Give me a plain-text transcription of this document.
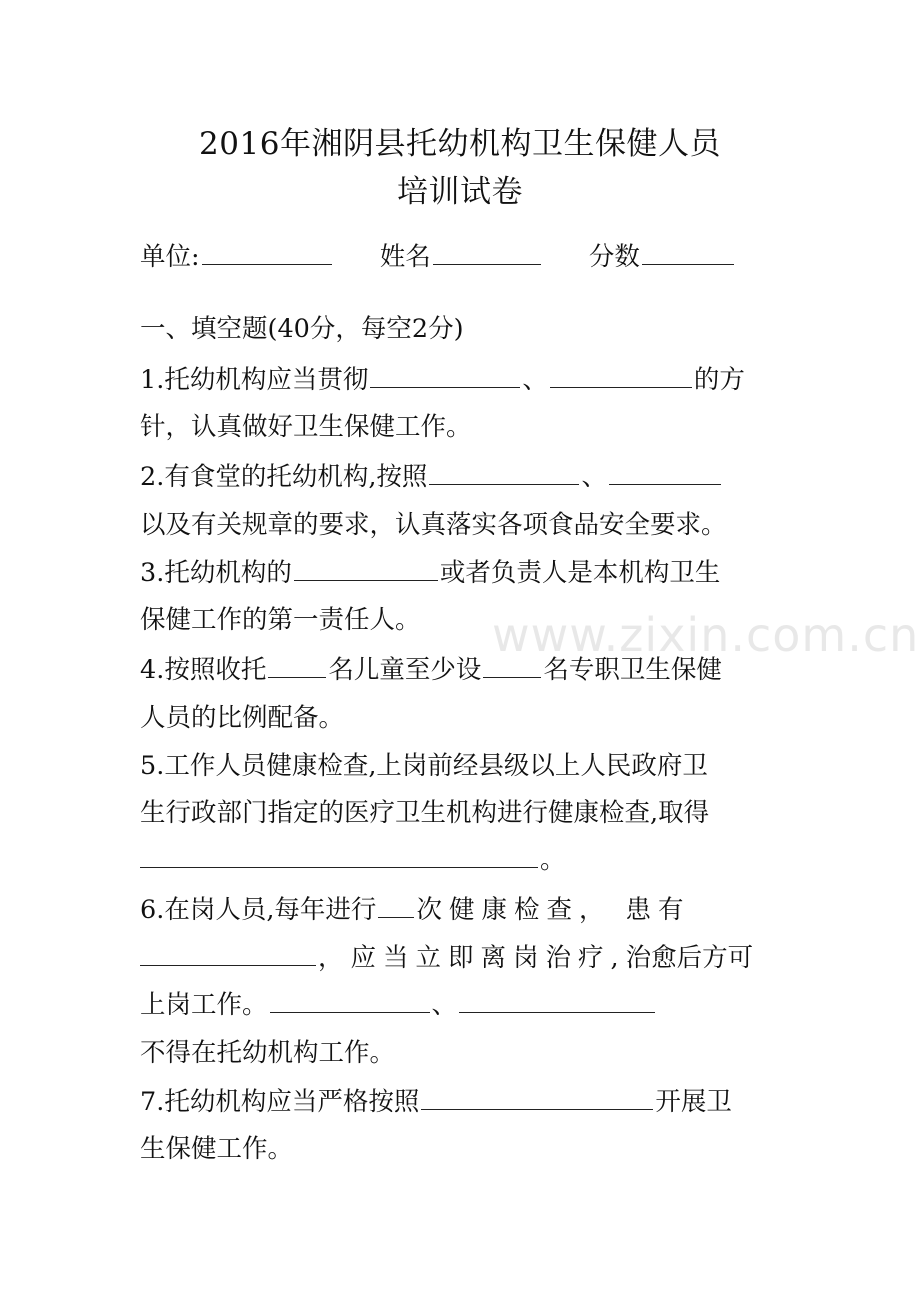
2016年湘阴县托幼机构卫生保健人员
培训试卷
单位:	姓名	分数
一、填空题(40分，每空2分)
1.托幼机构应当贯彻	、	的方
针，认真做好卫生保健工作。
2.有食堂的托幼机构,按照	、
以及有关规章的要求，认真落实各项食品安全要求。
3.托幼机构的	或者负责人是本机构卫生
保健工作的第一责任人。 www.zixin.com.cn
4.按照收托 名儿童至少设 名专职卫生保健
人员的比例配备。
5.工作人员健康检查,上岗前经县级以上人民政府卫
生行政部门指定的医疗卫生机构进行健康检查,取得
。
6.在岗人员,每年进行 次健康检查， 患有
，应当立即离岗治疗,治愈后方可
上岗工作。	、
不得在托幼机构工作。
7.托幼机构应当严格按照	开展卫
生保健工作。
